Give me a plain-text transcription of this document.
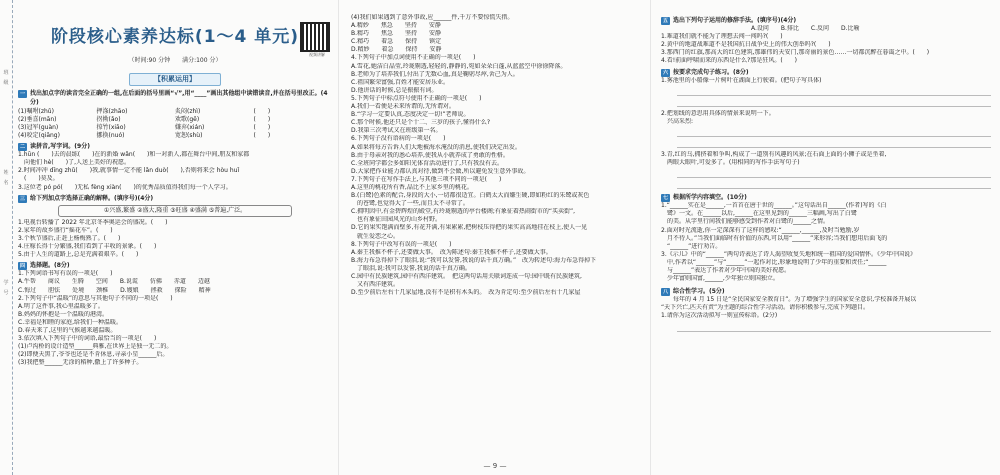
班
级
姓
名
学
号
视频讲解
阶段核心素养达标(1～4 单元)
（时间:90 分钟　　满分:100 分）
【积累运用】
一 找出加点字的读音完全正确的一组,在后面的括号里画“√”,用“____”画出其他组中读错读音,并在括号里改正。(4分)
(1)嘱咐(zhǔ)	押涤(zhāo)	炙闷(zhì)	(　　)
(2)垂喜(mān)	拐拗(ǎo)	欢歌(gē)	(　　)
(3)冠军(guàn)	掠竹(xiāo)	嫌弃(xián)	(　　)
(4)咬定(qiāng)	挪换(nuó)	宽恕(shù)	(　　)
二 读拼音,写字词。(9分)
1.hūn (　　)去的晨练(　　)在的新婚 wǎn(　　)和一对新人,都在舞台中间,朋友和家都
　向他们 hè(　　)了,人送上美好的祝愿。
2.时间冲冲 dīng zhǔ(　　)我,就事情一定不能 lǎn duò(　　),否则将来会 hòu huǐ
　(　　)莫及。
3.这位老 pó pó(　　)无私 fèng xiàn(　　)的优秀品质值得我们每一个人学习。
三 给下列加点字选择正确的解释。(填序号)(4分)
①兴盛,繁盛 ②盛大,隆重 ③旺盛 ④盛满 ⑤普遍,广泛。
1.电视台转播了 2022 年北京冬季奥运会的盛况。(　　)
2.家年的故乡盛行“摇花车”。(　　)
3.个秋节盛后,正赶上杨梅熟了。(　　)
4.庄稼长得十分繁盛,我们看到了丰收的景象。(　　)
5.由于人生的道路上,总是充满着艰辛。(　　)
四 选择题。(8分)
1.下列词语书写有误的一项是(　　)
A.牛帮　　商议　　生腾　　空间　　B.说谎　　仿佛　　赤道　　迈越
C.悔过　　胆怯　　处境　　颈椎　　D.嫂娘　　拯救　　探险　　精神
2.下列句子中“温暖”的意思与其他句子不同的一项是(　　)
A.明了这件事,我心里温暖多了。
B.妈妈的怀抱是一个温暖的港湾。
C.幸福是和睦的家庭,给我们一种温暖。
D.春天来了,这里的气候越来越温暖。
3.依次填入下列句子中的词语,最恰当的一项是(　　)
(1)卢沟桥的设计造型______典雅,在世界上是独一无二的。
(2)即便天黑了,爷爷也还是不肯休息,寻亲小星______后。
(3)我把整______无涂的稻种,撒上了许多种子。
(4)我们如果遇到了意外事故,应______件,千万不要惊慌失措。
A.精妙　　焦急　　坚持　　安静
B.精巧　　焦急　　坚持　　安静
C.精巧　　着急　　保持　　镇定
D.精妙　　着急　　保持　　安静
4.下列句子中加点词使用不正确的一项是(　　)
A.雪花,她洁白晶莹,玲珑剔透,轻轻的,静静的,宛如朵朵白蓬,从蓝蓝空中徐徐降落。
B.老师为了培养我们,付出了无数心血,真是鞠躬尽瘁,舍己为人。
C.祖国繁荣富强,百姓才能安居乐业。
D.他讲话的时候,总是振振有词。
5.下列句子中标点符号使用不正确的一项是(　　)
A.我们一看便是未来所谓的,无所谓对。
B.“学习一定要认真,态度决定一切!”老师说。
C.那个时候,他还只是个十二、三岁的孩子,懂得什么?
D.我第三次考试又在班级第一名。
6.下列句子没有语病的一项是(　　)
A.如果将每方告诉人们大地被海水淹没的消息,使我们决定出发。
B.由于母亲对我的悉心培养,使我从小就养成了勇敢的性格。
C.全班同学都会多如阳光体育活动进行了,只有我没有去。
D.大家把作业能力都认真对待,做到不会做,所以避免发生意外事故。
7.下列句子在写作手法上,与其他三项不同的一项是(　　)
A.这里的桃花所有香,晶比不上家乡里的桃花。
B.(白鹭)色素的配合,身段的大小,一切都很适宜。白鹤太大而嫌生硬,即如粉红的朱鹭或灰色
　的苍鹭,也觉得大了一些,而且太不寻常了。
C.拥明因中,有金碧辉煌的殿堂,有玲珑剔透的亭台楼阁;有象征着热闹街市的“买卖街”,
　也有象征田园风光的山乡村野。
D.它的果实饱满而壁多,有花开满,有果累累,把树枝压得把的果实高高地挂在枝上,使人一见
　就生爱恋之心。
8.下列句子中改写有误的一项是(　　)
A.秦王我推不杯子,还要做大事。　改为陈述句:秦王我推不杯子,还要做大事。
B.海力布急得掉下了眼泪,说:“我可以发誓,我说的话千真万确。”　改为转述句:海力布急得掉下
　了眼泪,说:我可以发誓,我说的话千真万确。
C.园中有民族建筑,园中有西洋建筑。　把这两句话用关联词连成一句:园中既有民族建筑,
　又有西洋建筑。
D.至少前后左右十几家屋地,没有不是积有木头的。　改为肯定句:至少前后左右十几家屋
— 9 —
五 选出下列句子运用的修辞手法。(填序号)(4分)
A.设问　　B.排比　　C.反问　　D.比喻
1.难道我们就不能为了理想去闯一闯吗?(　　)
2.黄中的地道战难道不是我国抗日战争史上的伟大创举吗?(　　)
3.那西门的红旗,那高大的红色建筑,那雄伟的天安门,那奇丽的景色……一切都沉醉在暮霭之中。(　　)
4.看!前面呼啸而来的东西是什么?那是狂风。(　　)
六 按要求完成句子练习。(8分)
1.雾池里的小船像一片树叶在湖面上行驶着。(把句子写具体)
2.把划线的意思用具体的情景来说明一下。
　兴高采烈:
3.青,红的乌,拥挤着和争叫,构成了一道别有风趣的风景;在石面上面的小狮子或是坐着,
　两眼大眼叶,可爱多了。(用相同的写作手法写句子)
七 根据所学内容填空。(10分)
1.“______实在是______,一首首在唐于世的______。”这句话出自______(作者)写的《白
　鹭》一文。在______以后,______在这里见到的______三幅画,写出了白鹭
　的美。从字里行间我们能够感受到作者对白鹭的______之情。
2.面对时光流逝,你一定深深有了这样的感叹:“______,______,及时当勉励,岁
　月不待人。”当我们面临时有价值的东西,可以用“______”来形容;当我们想用后面飞的
　“______”进行劝告。
3.《示儿》中的“______”两句诗表达了诗人渴望收复失地和统一祖国的爱国情怀。《少年中国说》
　中,作者以“______”与“______”一起作对比,形象地说明了少年的重要和责任;“______
　与______”表达了作者对少年中国的美好祝愿。
　少年富则国富,______,少年独立则国独立。
八 综合性学习。(5分)
　　每年的 4 月 15 日是“全民国家安全教育日”。为了增强学生的国家安全意识,学校准备开展以
“天下兴亡,匹夫有责”为主题的综合性学习活动。请你积极参与,完成下列题目。
1.请你为这次活动拟写一则宣传标语。(2分)
